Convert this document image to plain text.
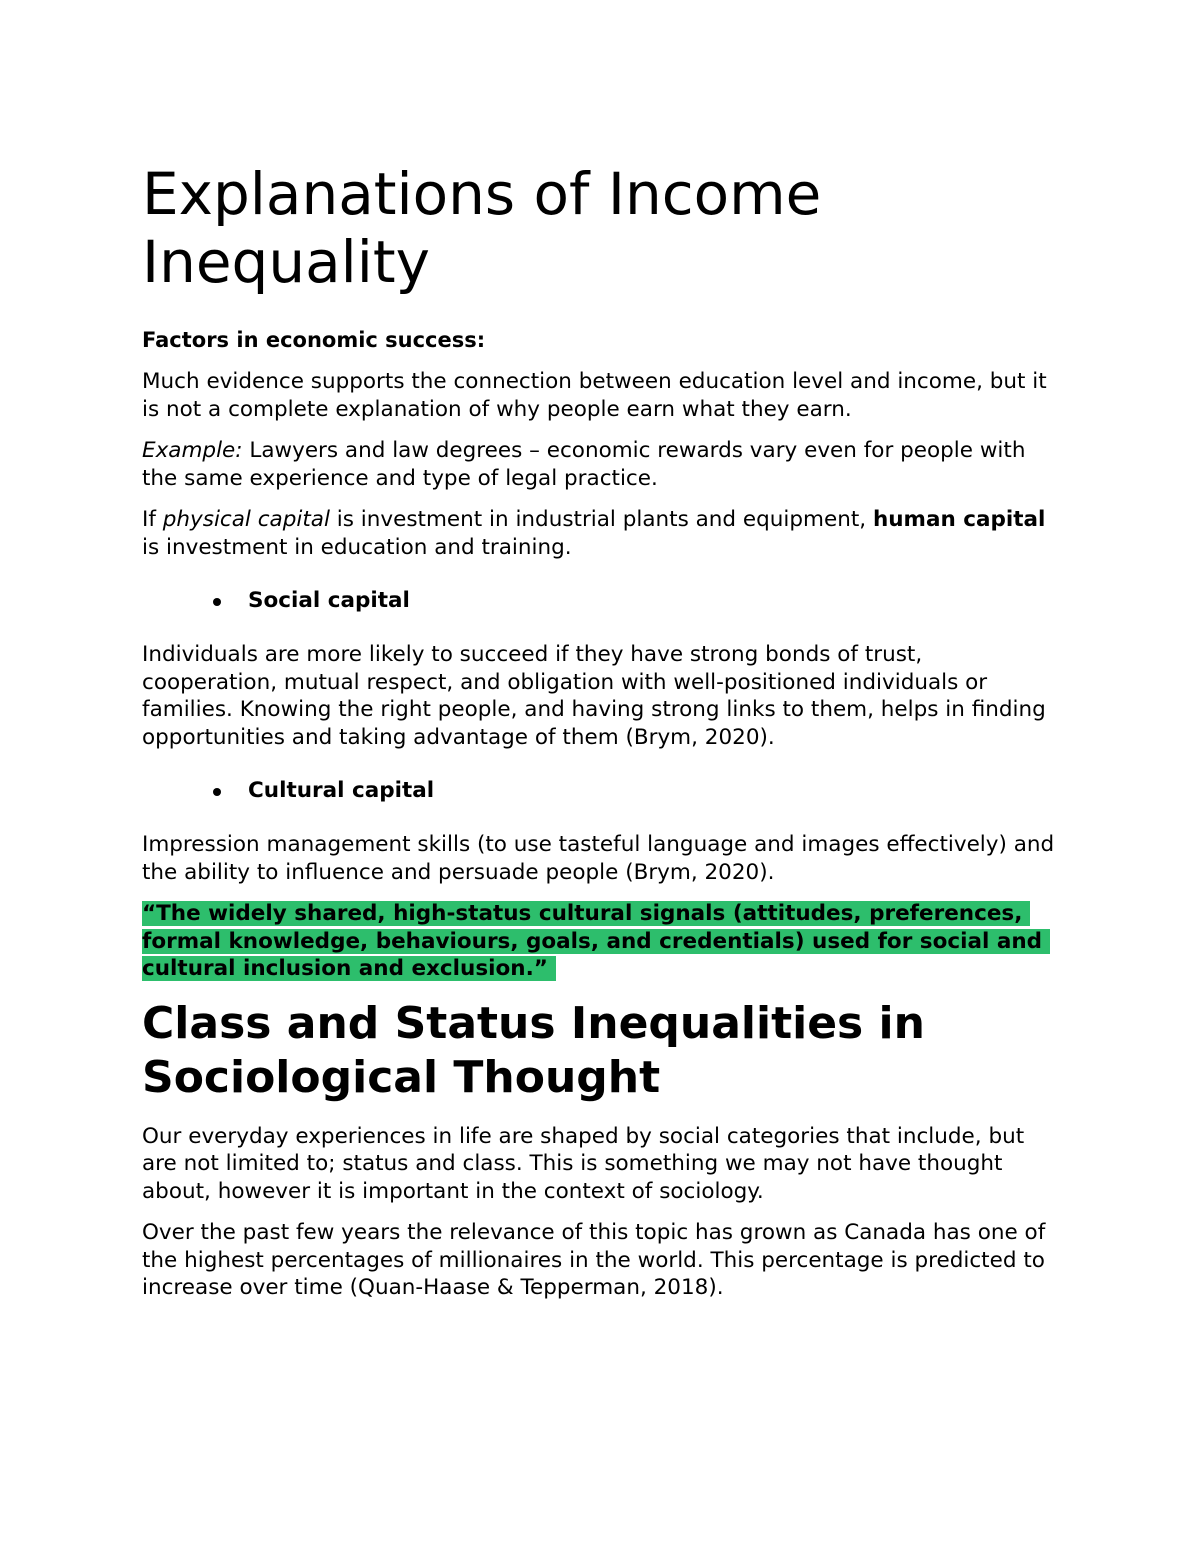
Explanations of Income Inequality
Factors in economic success:

Much evidence supports the connection between education level and income, but it is not a complete explanation of why people earn what they earn.

Example: Lawyers and law degrees – economic rewards vary even for people with the same experience and type of legal practice.

If physical capital is investment in industrial plants and equipment, human capital is investment in education and training.

Social capital

Individuals are more likely to succeed if they have strong bonds of trust, cooperation, mutual respect, and obligation with well-positioned individuals or families. Knowing the right people, and having strong links to them, helps in finding opportunities and taking advantage of them (Brym, 2020).

Cultural capital

Impression management skills (to use tasteful language and images effectively) and the ability to influence and persuade people (Brym, 2020).

“The widely shared, high-status cultural signals (attitudes, preferences, formal knowledge, behaviours, goals, and credentials) used for social and cultural inclusion and exclusion.”
Class and Status Inequalities in Sociological Thought

Our everyday experiences in life are shaped by social categories that include, but are not limited to; status and class. This is something we may not have thought about, however it is important in the context of sociology.

Over the past few years the relevance of this topic has grown as Canada has one of the highest percentages of millionaires in the world. This percentage is predicted to increase over time (Quan-Haase & Tepperman, 2018).
